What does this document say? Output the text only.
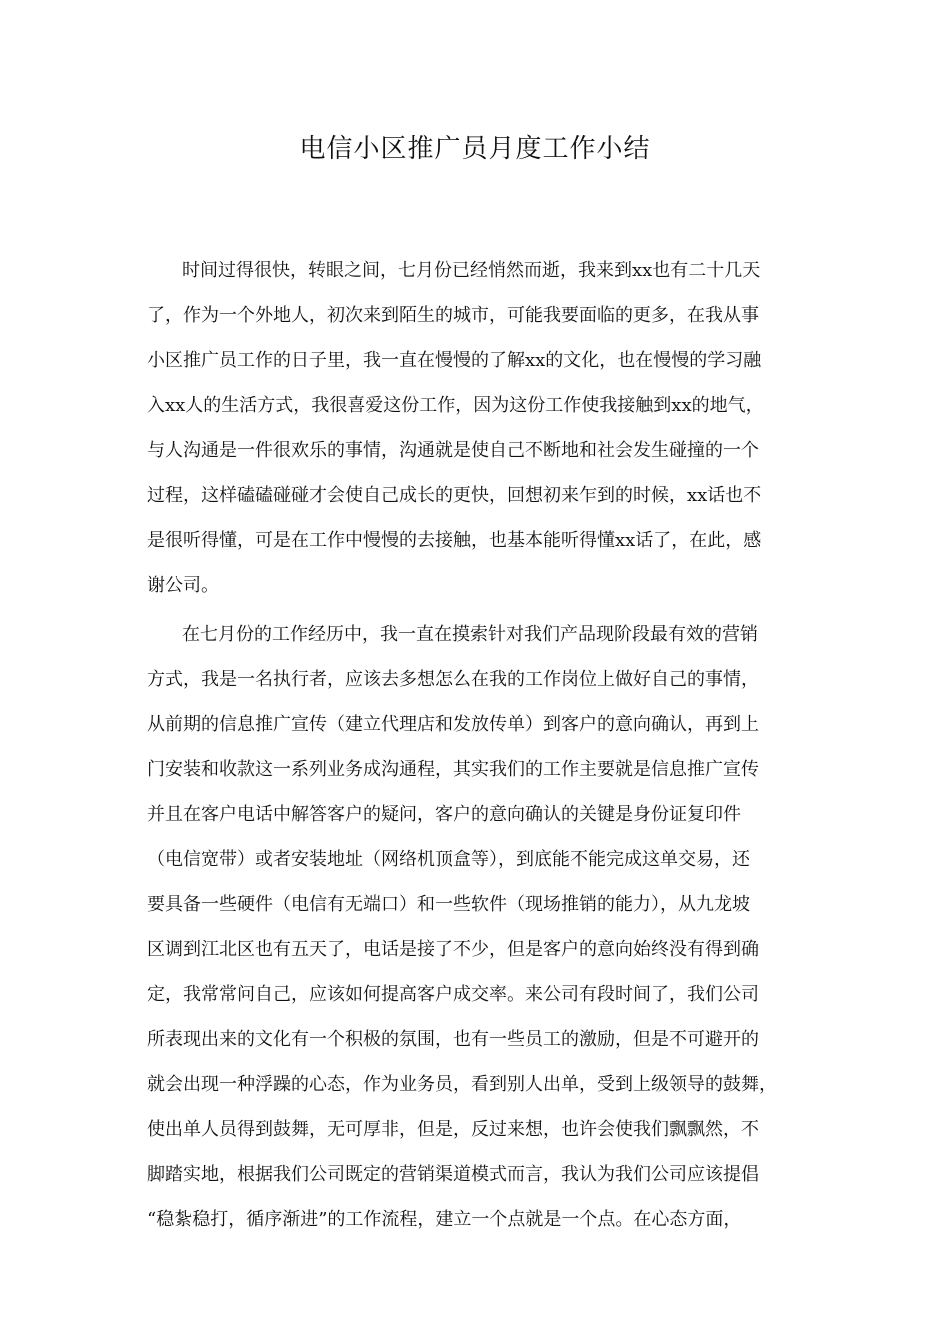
电信小区推广员月度工作小结
时间过得很快，转眼之间，七月份已经悄然而逝，我来到xx也有二十几天
了，作为一个外地人，初次来到陌生的城市，可能我要面临的更多，在我从事
小区推广员工作的日子里，我一直在慢慢的了解xx的文化，也在慢慢的学习融
入xx人的生活方式，我很喜爱这份工作，因为这份工作使我接触到xx的地气，
与人沟通是一件很欢乐的事情，沟通就是使自己不断地和社会发生碰撞的一个
过程，这样磕磕碰碰才会使自己成长的更快，回想初来乍到的时候，xx话也不
是很听得懂，可是在工作中慢慢的去接触，也基本能听得懂xx话了，在此，感
谢公司。
在七月份的工作经历中，我一直在摸索针对我们产品现阶段最有效的营销
方式，我是一名执行者，应该去多想怎么在我的工作岗位上做好自己的事情，
从前期的信息推广宣传（建立代理店和发放传单）到客户的意向确认，再到上
门安装和收款这一系列业务成沟通程，其实我们的工作主要就是信息推广宣传
并且在客户电话中解答客户的疑问，客户的意向确认的关键是身份证复印件
（电信宽带）或者安装地址（网络机顶盒等），到底能不能完成这单交易，还
要具备一些硬件（电信有无端口）和一些软件（现场推销的能力），从九龙坡
区调到江北区也有五天了，电话是接了不少，但是客户的意向始终没有得到确
定，我常常问自己，应该如何提高客户成交率。来公司有段时间了，我们公司
所表现出来的文化有一个积极的氛围，也有一些员工的激励，但是不可避开的
就会出现一种浮躁的心态，作为业务员，看到别人出单，受到上级领导的鼓舞，
使出单人员得到鼓舞，无可厚非，但是，反过来想，也许会使我们飘飘然，不
脚踏实地，根据我们公司既定的营销渠道模式而言，我认为我们公司应该提倡
“稳紮稳打，循序渐进”的工作流程，建立一个点就是一个点。在心态方面，
